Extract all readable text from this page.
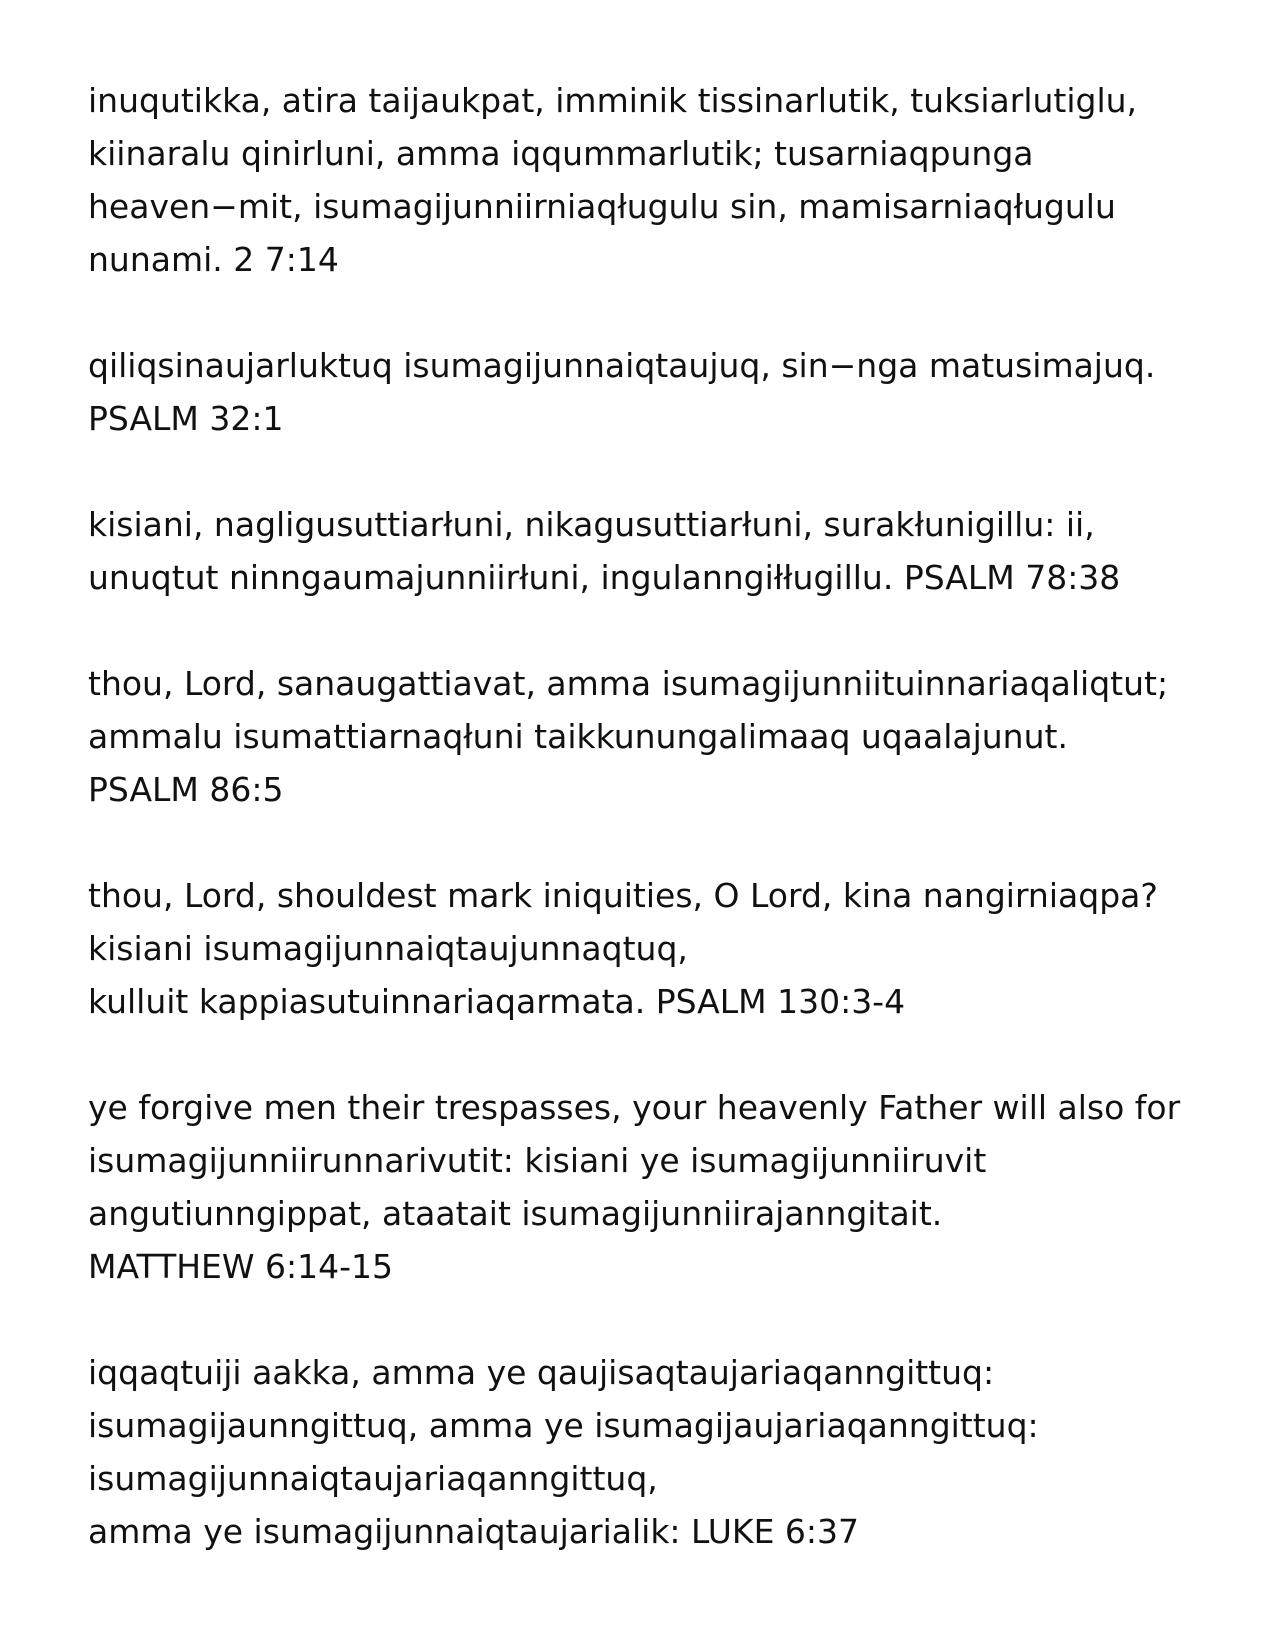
inuqutikka, atira taijaukpat, imminik tissinarlutik, tuksiarlutiglu,
kiinaralu qinirluni, amma iqqummarlutik; tusarniaqpunga
heaven−mit, isumagijunniirniaqługulu sin, mamisarniaqługulu
nunami. 2 7:14

qiliqsinaujarluktuq isumagijunnaiqtaujuq, sin−nga matusimajuq.
PSALM 32:1

kisiani, nagligusuttiarłuni, nikagusuttiarłuni, surakłunigillu: ii,
unuqtut ninngaumajunniirłuni, ingulanngiłługillu. PSALM 78:38

thou, Lord, sanaugattiavat, amma isumagijunniituinnariaqaliqtut;
ammalu isumattiarnaqłuni taikkunungalimaaq uqaalajunut.
PSALM 86:5

thou, Lord, shouldest mark iniquities, O Lord, kina nangirniaqpa?
kisiani isumagijunnaiqtaujunnaqtuq,
kulluit kappiasutuinnariaqarmata. PSALM 130:3-4

ye forgive men their trespasses, your heavenly Father will also for
isumagijunniirunnarivutit: kisiani ye isumagijunniiruvit
angutiunngippat, ataatait isumagijunniirajanngitait.
MATTHEW 6:14-15

iqqaqtuiji aakka, amma ye qaujisaqtaujariaqanngittuq:
isumagijaunngittuq, amma ye isumagijaujariaqanngittuq:
isumagijunnaiqtaujariaqanngittuq,
amma ye isumagijunnaiqtaujarialik: LUKE 6:37
